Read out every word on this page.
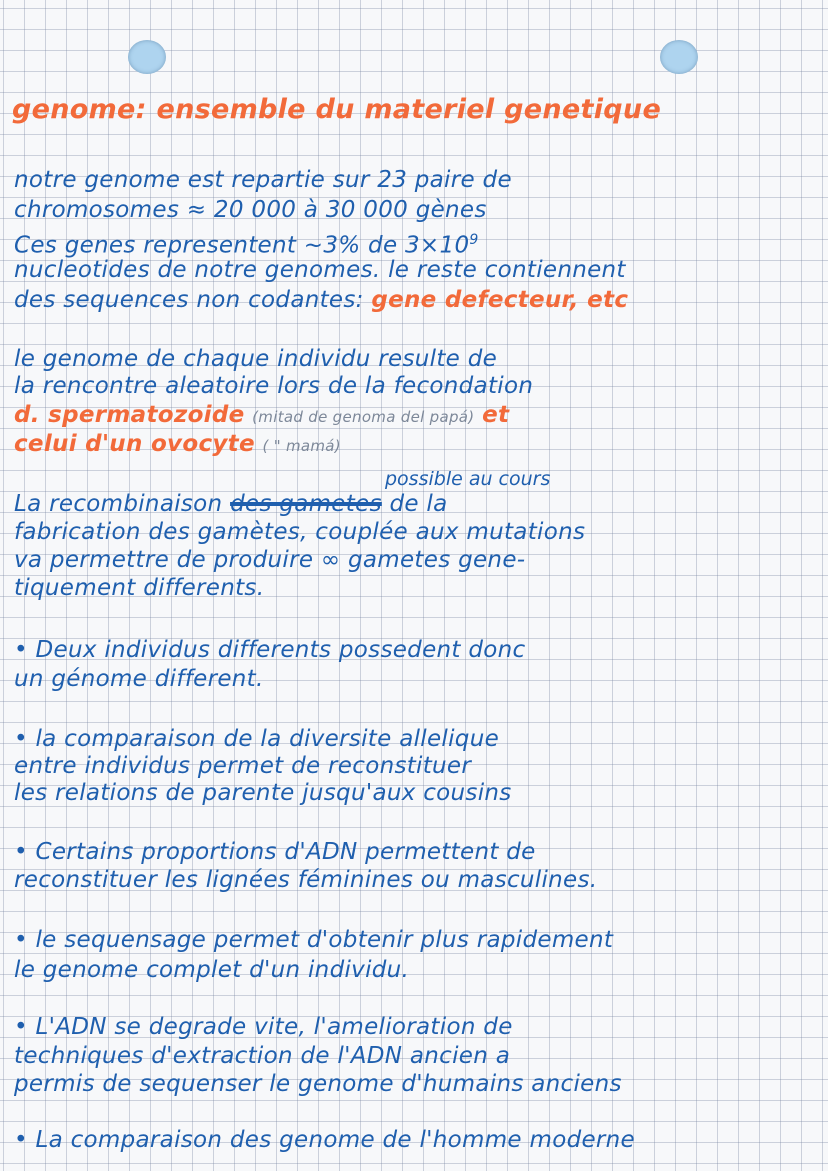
genome: ensemble du materiel genetique
notre genome est repartie sur 23 paire de
chromosomes ≈ 20 000 à 30 000 gènes
Ces genes representent ~3% de $3\times 10^9$
nucleotides de notre genomes. le reste contiennent
des sequences non codantes: gene defecteur, etc
le genome de chaque individu resulte de
la rencontre aleatoire lors de la fecondation
d. spermatozoide (mitad de genoma del papá) et
celui d'un ovocyte ( " mamá)
possible au cours
La recombinaison des gametes de la
fabrication des gamètes, couplée aux mutations
va permettre de produire ∞ gametes gene-
tiquement differents.
• Deux individus differents possedent donc
un génome different.
• la comparaison de la diversite allelique
entre individus permet de reconstituer
les relations de parente jusqu'aux cousins
• Certains proportions d'ADN permettent de
reconstituer les lignées féminines ou masculines.
• le sequensage permet d'obtenir plus rapidement
le genome complet d'un individu.
• L'ADN se degrade vite, l'amelioration de
techniques d'extraction de l'ADN ancien a
permis de sequenser le genome d'humains anciens
• La comparaison des genome de l'homme moderne
